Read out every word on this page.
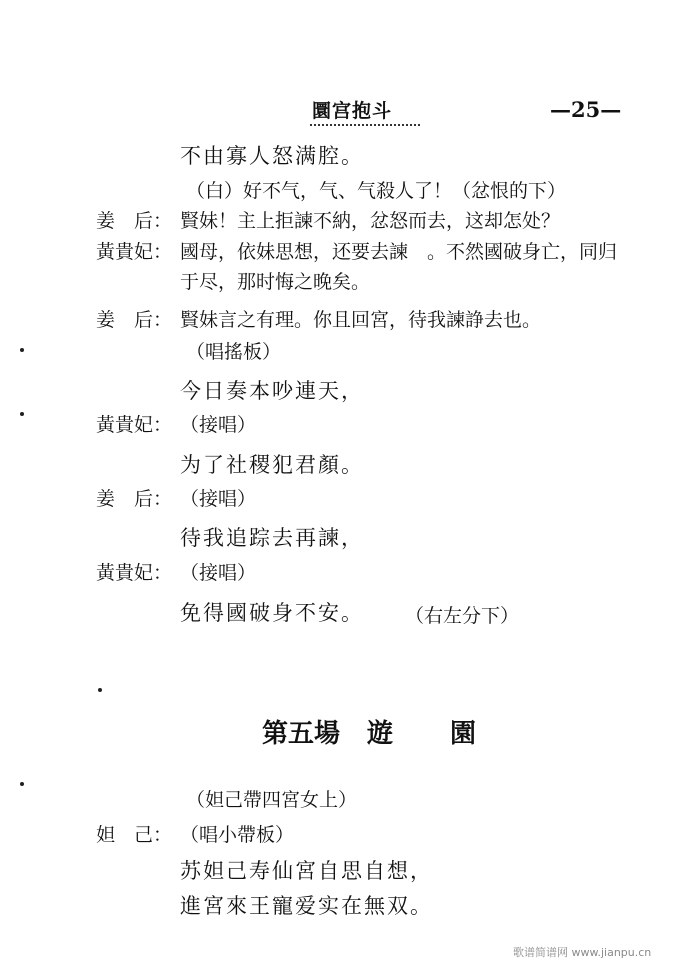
圜宫抱斗	—25—
不由寡人怒满腔。
（白）好不气，气、气殺人了！（忿恨的下）
姜　后： 賢妹！主上拒諫不納，忿怒而去，这却怎处？
黃貴妃： 國母，依妹思想，还要去諫　。不然國破身亡，同归
于尽，那时悔之晚矣。
姜　后： 賢妹言之有理。你且回宮，待我諫諍去也。
（唱搖板）
今日奏本吵連天，
黃貴妃： （接唱）
为了社稷犯君顏。
姜　后： （接唱）
待我追踪去再諫，
黃貴妃： （接唱）
免得國破身不安。 （右左分下）
第五場 遊 園
（妲己帶四宮女上）
妲　己： （唱小帶板）
苏妲己寿仙宮自思自想，
進宮來王寵爱实在無双。
歌谱简谱网 www.jianpu.cn
